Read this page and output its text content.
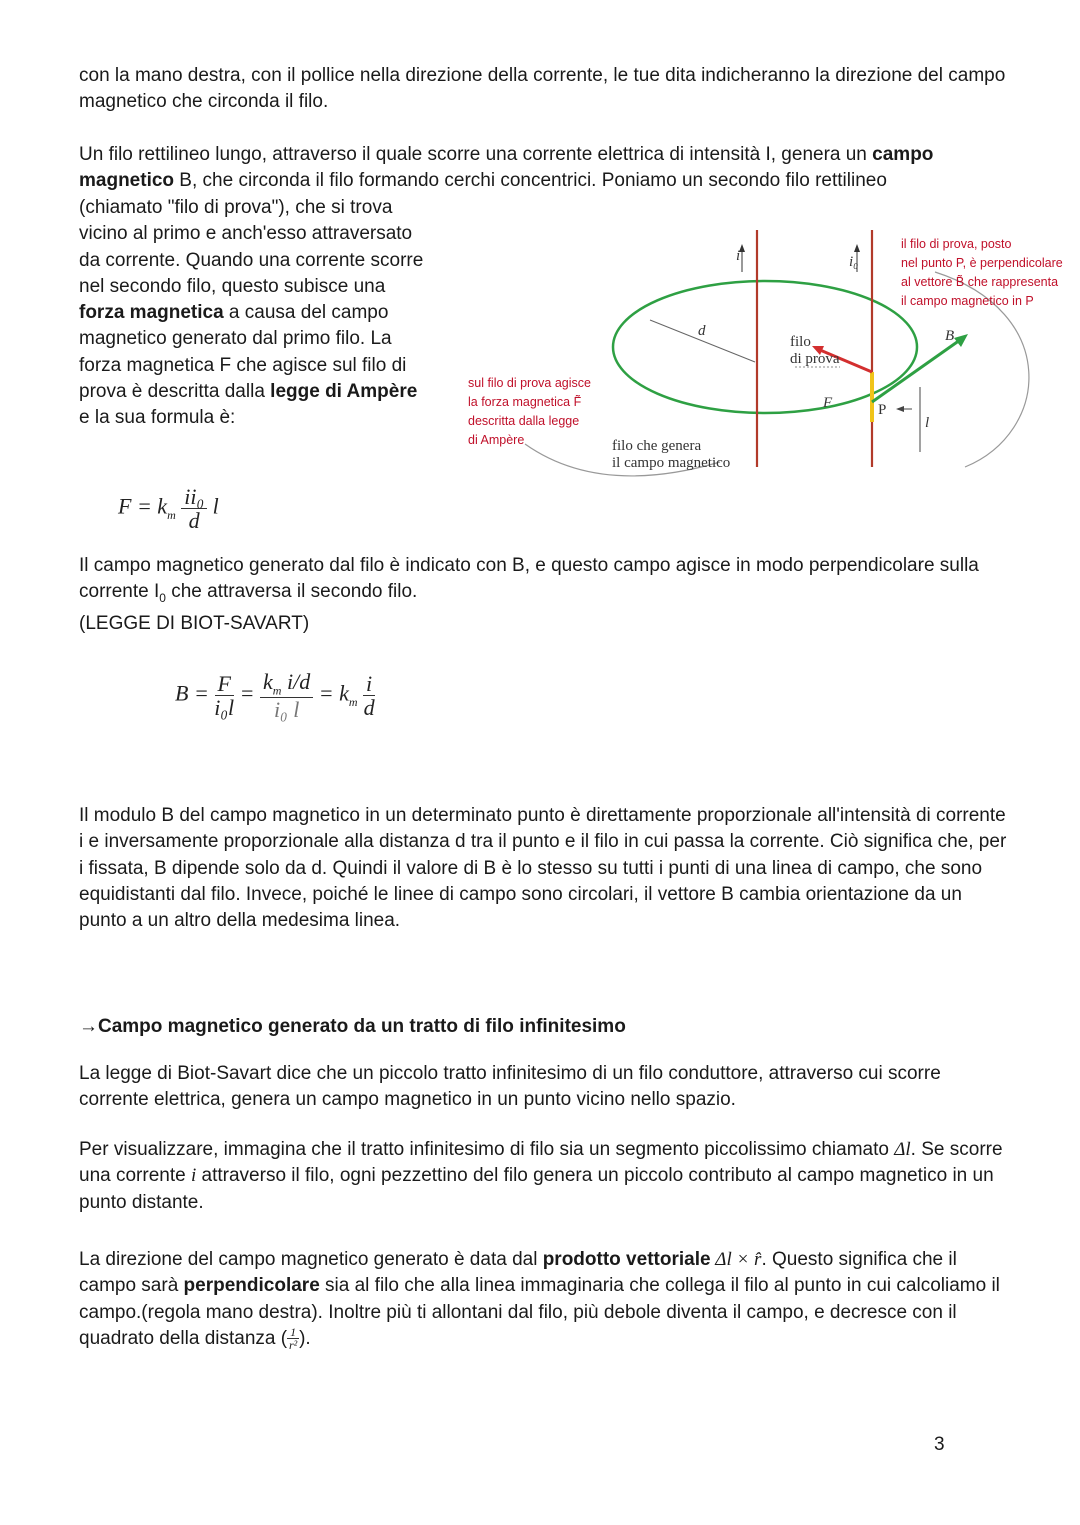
con la mano destra, con il pollice nella direzione della corrente, le tue dita indicheranno la direzione del campo magnetico che circonda il filo.

Un filo rettilineo lungo, attraverso il quale scorre una corrente elettrica di intensità I, genera un campo magnetico B, che circonda il filo formando cerchi concentrici. Poniamo un secondo filo rettilineo

(chiamato "filo di prova"), che si trova vicino al primo e anch'esso attraversato da corrente. Quando una corrente scorre nel secondo filo, questo subisce una forza magnetica a causa del campo magnetico generato dal primo filo. La forza magnetica F che agisce sul filo di prova è descritta dalla legge di Ampère e la sua formula è:

i	i₀
d
F
B
P
l
filo di prova
filo che genera il campo magnetico
sul filo di prova agisce la forza magnetica F̃ descritta dalla legge di Ampère
il filo di prova, posto nel punto P, è perpendicolare al vettore B̃ che rappresenta il campo magnetico in P
$F = k_m \frac{\text{ii₀}}{d}$ l

Il campo magnetico generato dal filo è indicato con B, e questo campo agisce in modo perpendicolare sulla corrente $I_0$ che attraversa il secondo filo.
(LEGGE DI BIOT-SAVART)

$B = \frac{F}{\text{i₀l}} = \frac{k_m i/d}{\text{i₀ l}} = k_m \frac{i}{d}$

Il modulo B del campo magnetico in un determinato punto è direttamente proporzionale all'intensità di corrente i e inversamente proporzionale alla distanza d tra il punto e il filo in cui passa la corrente. Ciò significa che, per i fissata, B dipende solo da d. Quindi il valore di B è lo stesso su tutti i punti di una linea di campo, che sono equidistanti dal filo. Invece, poiché le linee di campo sono circolari, il vettore B cambia orientazione da un punto a un altro della medesima linea.

→Campo magnetico generato da un tratto di filo infinitesimo

La legge di Biot-Savart dice che un piccolo tratto infinitesimo di un filo conduttore, attraverso cui scorre corrente elettrica, genera un campo magnetico in un punto vicino nello spazio.

Per visualizzare, immagina che il tratto infinitesimo di filo sia un segmento piccolissimo chiamato Δl. Se scorre una corrente i attraverso il filo, ogni pezzettino del filo genera un piccolo contributo al campo magnetico in un punto distante.

La direzione del campo magnetico generato è data dal prodotto vettoriale Δl × r̂. Questo significa che il campo sarà perpendicolare sia al filo che alla linea immaginaria che collega il filo al punto in cui calcoliamo il campo.(regola mano destra). Inoltre più ti allontani dal filo, più debole diventa il campo, e decresce con il quadrato della distanza ( $\frac{1}{\text{r²}}$ ).

3
